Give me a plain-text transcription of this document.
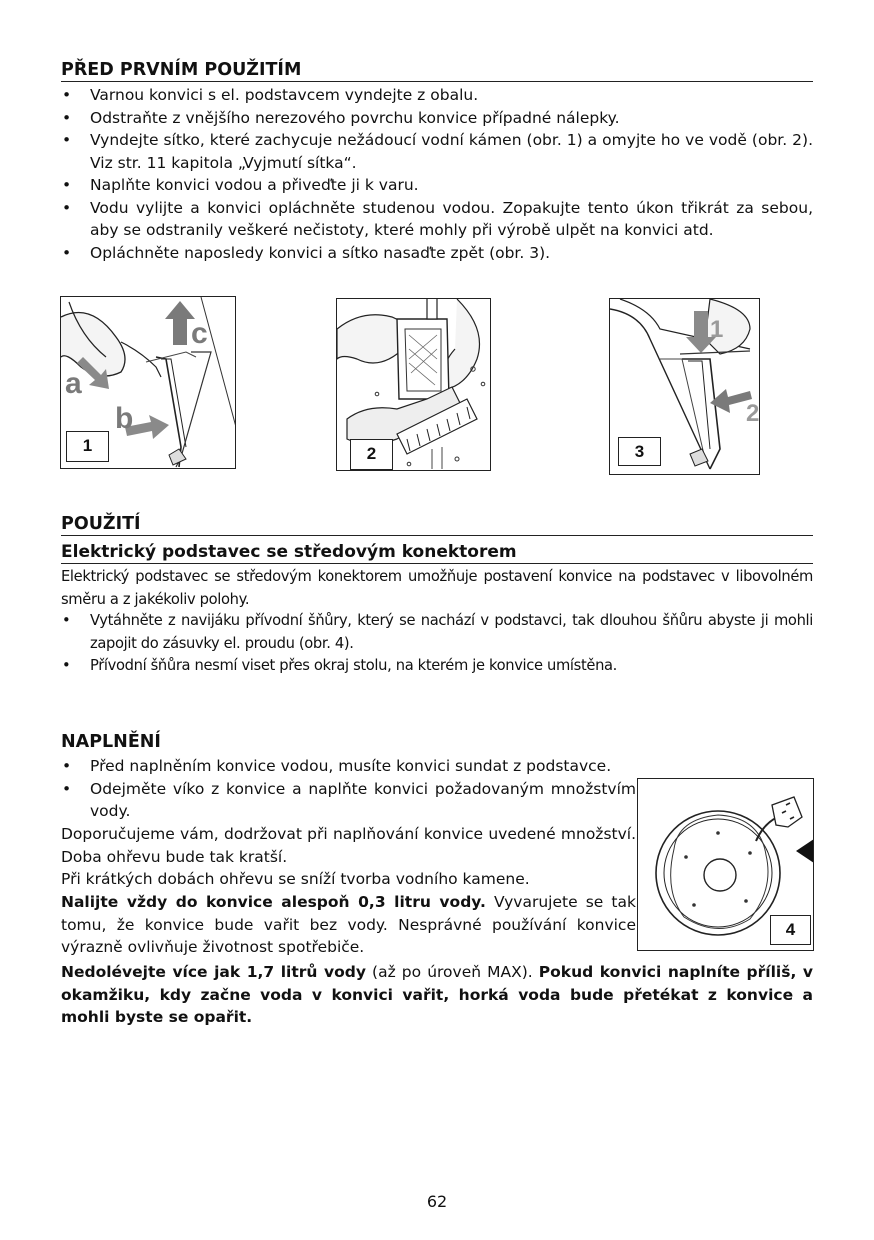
PŘED PRVNÍM POUŽITÍM
• Varnou konvici s el. podstavcem vyndejte z obalu.
• Odstraňte z vnějšího nerezového povrchu konvice případné nálepky.
• Vyndejte sítko, které zachycuje nežádoucí vodní kámen (obr. 1) a omyjte ho ve vodě (obr. 2). Viz str. 11 kapitola „Vyjmutí sítka“.
• Naplňte konvici vodou a přiveďte ji k varu.
• Vodu vylijte a konvici opláchněte studenou vodou. Zopakujte tento úkon třikrát za sebou, aby se odstranily veškeré nečistoty, které mohly při výrobě ulpět na konvici atd.
• Opláchněte naposledy konvici a sítko nasaďte zpět (obr. 3).
a
b
c
1	2
1
2
3
POUŽITÍ
Elektrický podstavec se středovým konektorem
Elektrický podstavec se středovým konektorem umožňuje postavení konvice na podstavec v libovolném směru a z jakékoliv polohy.
• Vytáhněte z navijáku přívodní šňůry, který se nachází v podstavci, tak dlouhou šňůru abyste ji mohli zapojit do zásuvky el. proudu (obr. 4).
• Přívodní šňůra nesmí viset přes okraj stolu, na kterém je konvice umístěna.
NAPLNĚNÍ
• Před naplněním konvice vodou, musíte konvici sundat z podstavce.
• Odejměte víko z konvice a naplňte konvici požadovaným množstvím vody.
Doporučujeme vám, dodržovat při naplňování konvice uvedené množství. Doba ohřevu bude tak kratší.
Při krátkých dobách ohřevu se sníží tvorba vodního kamene.
Nalijte vždy do konvice alespoň 0,3 litru vody. Vyvarujete se tak tomu, že konvice bude vařit bez vody. Nesprávné používání konvice výrazně ovlivňuje životnost spotřebiče.
Nedolévejte více jak 1,7 litrů vody (až po úroveň MAX). Pokud konvici naplníte příliš, v okamžiku, kdy začne voda v konvici vařit, horká voda bude přetékat z konvice a mohli byste se opařit.
4
62
